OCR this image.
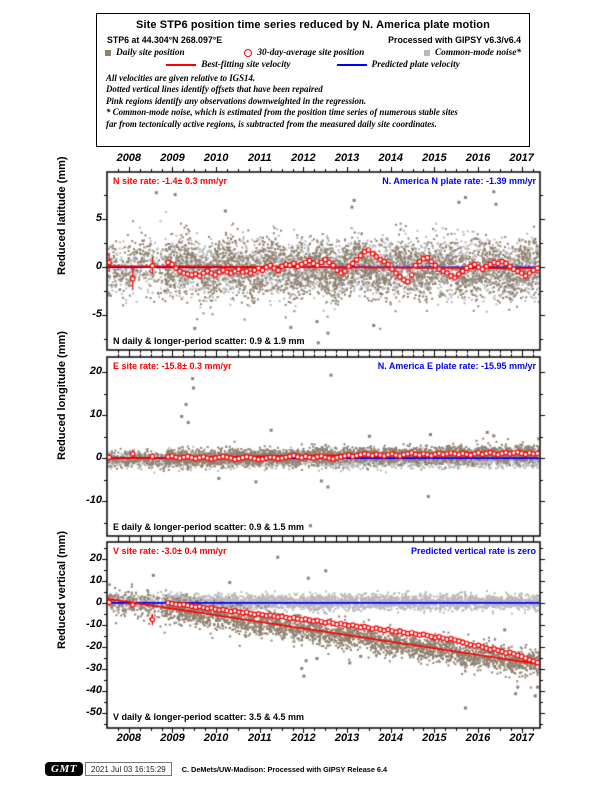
Site STP6 position time series reduced by N. America plate motion
STP6 at 44.304°N 268.097°E	Processed with GIPSY v6.3/v6.4
Daily site position	30-day-average site position	Common-mode noise*
Best-fitting site velocity	Predicted plate velocity
All velocities are given relative to IGS14.
Dotted vertical lines identify offsets that have been repaired
Pink regions identify any observations downweighted in the regression.
* Common-mode noise, which is estimated from the position time series of numerous stable sites
far from tectonically active regions, is subtracted from the measured daily site coordinates.
2008
2008
2009
2009
2010
2010
2011
2011
2012
2012
2013
2013
2014
2014
2015
2015
2016
2016
2017
2017
5
0
-5
20
10
0
-10
20
10
0
-10
-20
-30
-40
-50
N site rate: -1.4± 0.3 mm/yr	N. America N plate rate: -1.39 mm/yr
N daily & longer-period scatter: 0.9 & 1.9 mm
E site rate: -15.8± 0.3 mm/yr	N. America E plate rate: -15.95 mm/yr
E daily & longer-period scatter: 0.9 & 1.5 mm
V site rate: -3.0± 0.4 mm/yr	Predicted vertical rate is zero
V daily & longer-period scatter: 3.5 & 4.5 mm
GMT	2021 Jul 03 16:15:29	C. DeMets/UW-Madison: Processed with GIPSY Release 6.4
